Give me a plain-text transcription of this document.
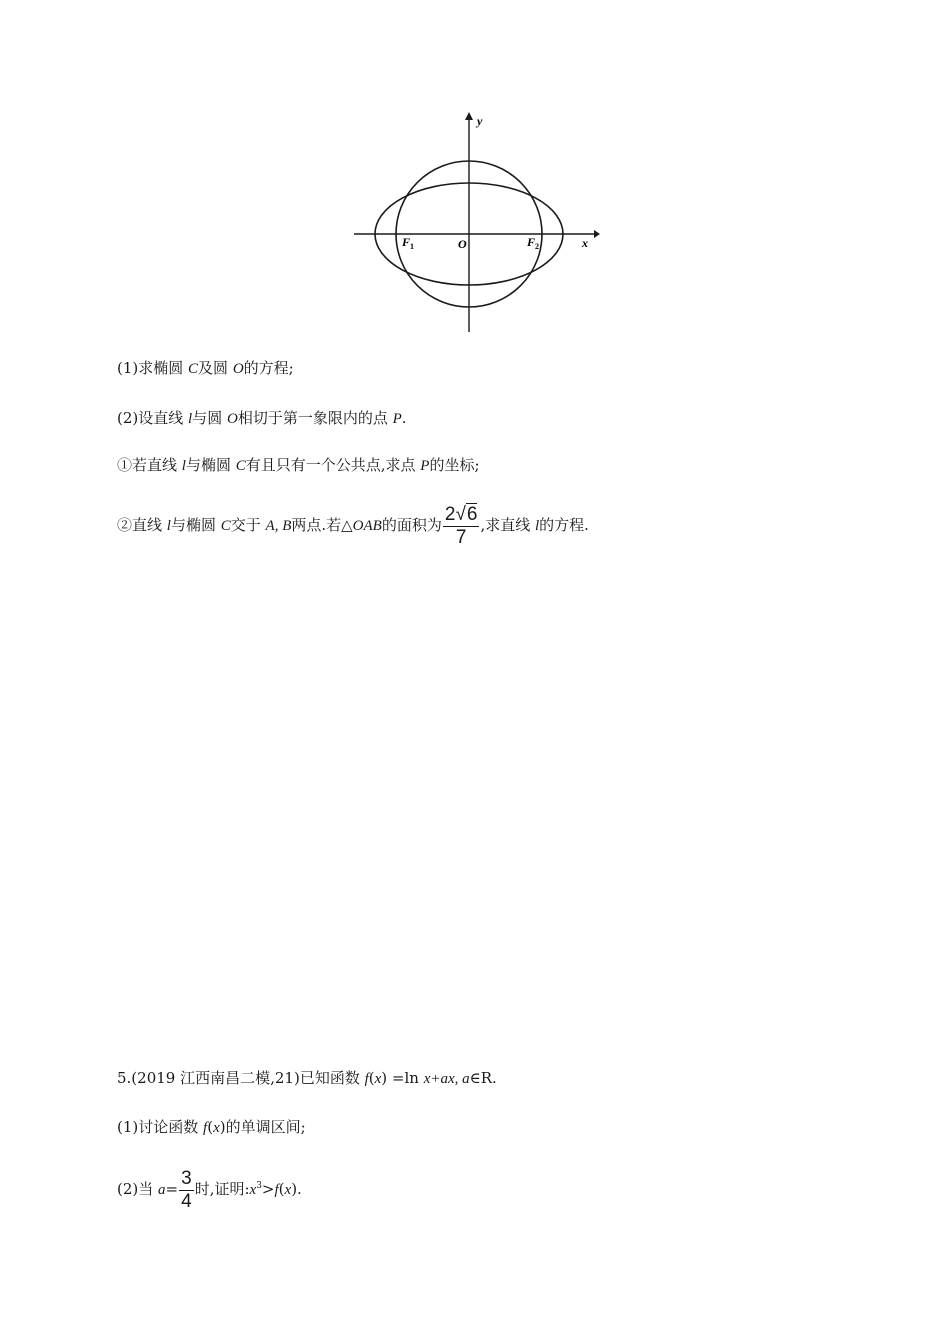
y
x
O
F 1	F 2
(1)求椭圆 C及圆 O的方程;
(2)设直线 l与圆 O相切于第一象限内的点 P.
①若直线 l与椭圆 C有且只有一个公共点,求点 P的坐标;
②直线 l与椭圆 C交于 A, B两点.若△OAB的面积为 $\frac{2√6}{7}$ ,求直线 l的方程.
5.(2019 江西南昌二模,21)已知函数 f(x) =ln x+ax, a∈R.
(1)讨论函数 f(x)的单调区间;
(2)当 $a= \frac{3}{4}$ 时,证明$:x^3>f(x)$.
